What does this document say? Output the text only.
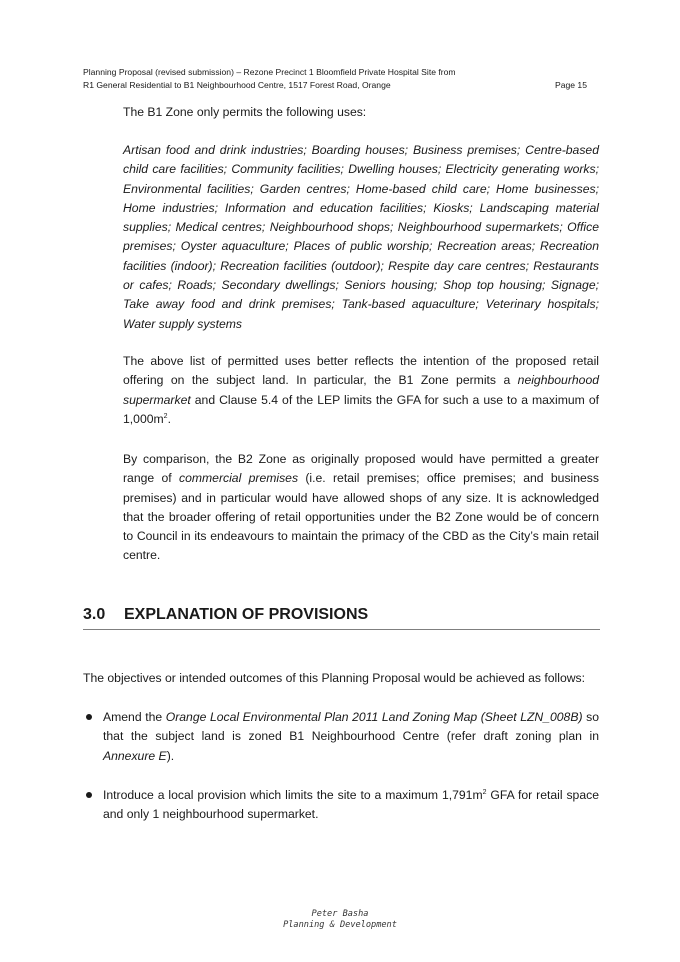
Planning Proposal (revised submission) – Rezone Precinct 1 Bloomfield Private Hospital Site from
R1 General Residential to B1 Neighbourhood Centre, 1517 Forest Road, Orange	Page 15
The B1 Zone only permits the following uses:
Artisan food and drink industries; Boarding houses; Business premises; Centre-based child care facilities; Community facilities; Dwelling houses; Electricity generating works; Environmental facilities; Garden centres; Home-based child care; Home businesses; Home industries; Information and education facilities; Kiosks; Landscaping material supplies; Medical centres; Neighbourhood shops; Neighbourhood supermarkets; Office premises; Oyster aquaculture; Places of public worship; Recreation areas; Recreation facilities (indoor); Recreation facilities (outdoor); Respite day care centres; Restaurants or cafes; Roads; Secondary dwellings; Seniors housing; Shop top housing; Signage; Take away food and drink premises; Tank-based aquaculture; Veterinary hospitals; Water supply systems
The above list of permitted uses better reflects the intention of the proposed retail offering on the subject land. In particular, the B1 Zone permits a neighbourhood supermarket and Clause 5.4 of the LEP limits the GFA for such a use to a maximum of $1,000m^2$.
By comparison, the B2 Zone as originally proposed would have permitted a greater range of commercial premises (i.e. retail premises; office premises; and business premises) and in particular would have allowed shops of any size. It is acknowledged that the broader offering of retail opportunities under the B2 Zone would be of concern to Council in its endeavours to maintain the primacy of the CBD as the City’s main retail centre.
3.0 EXPLANATION OF PROVISIONS
The objectives or intended outcomes of this Planning Proposal would be achieved as follows:
Amend the Orange Local Environmental Plan 2011 Land Zoning Map (Sheet LZN_008B) so that the subject land is zoned B1 Neighbourhood Centre (refer draft zoning plan in Annexure E).
Introduce a local provision which limits the site to a maximum $1,791m^2$ GFA for retail space and only 1 neighbourhood supermarket.
Peter Basha
Planning & Development
